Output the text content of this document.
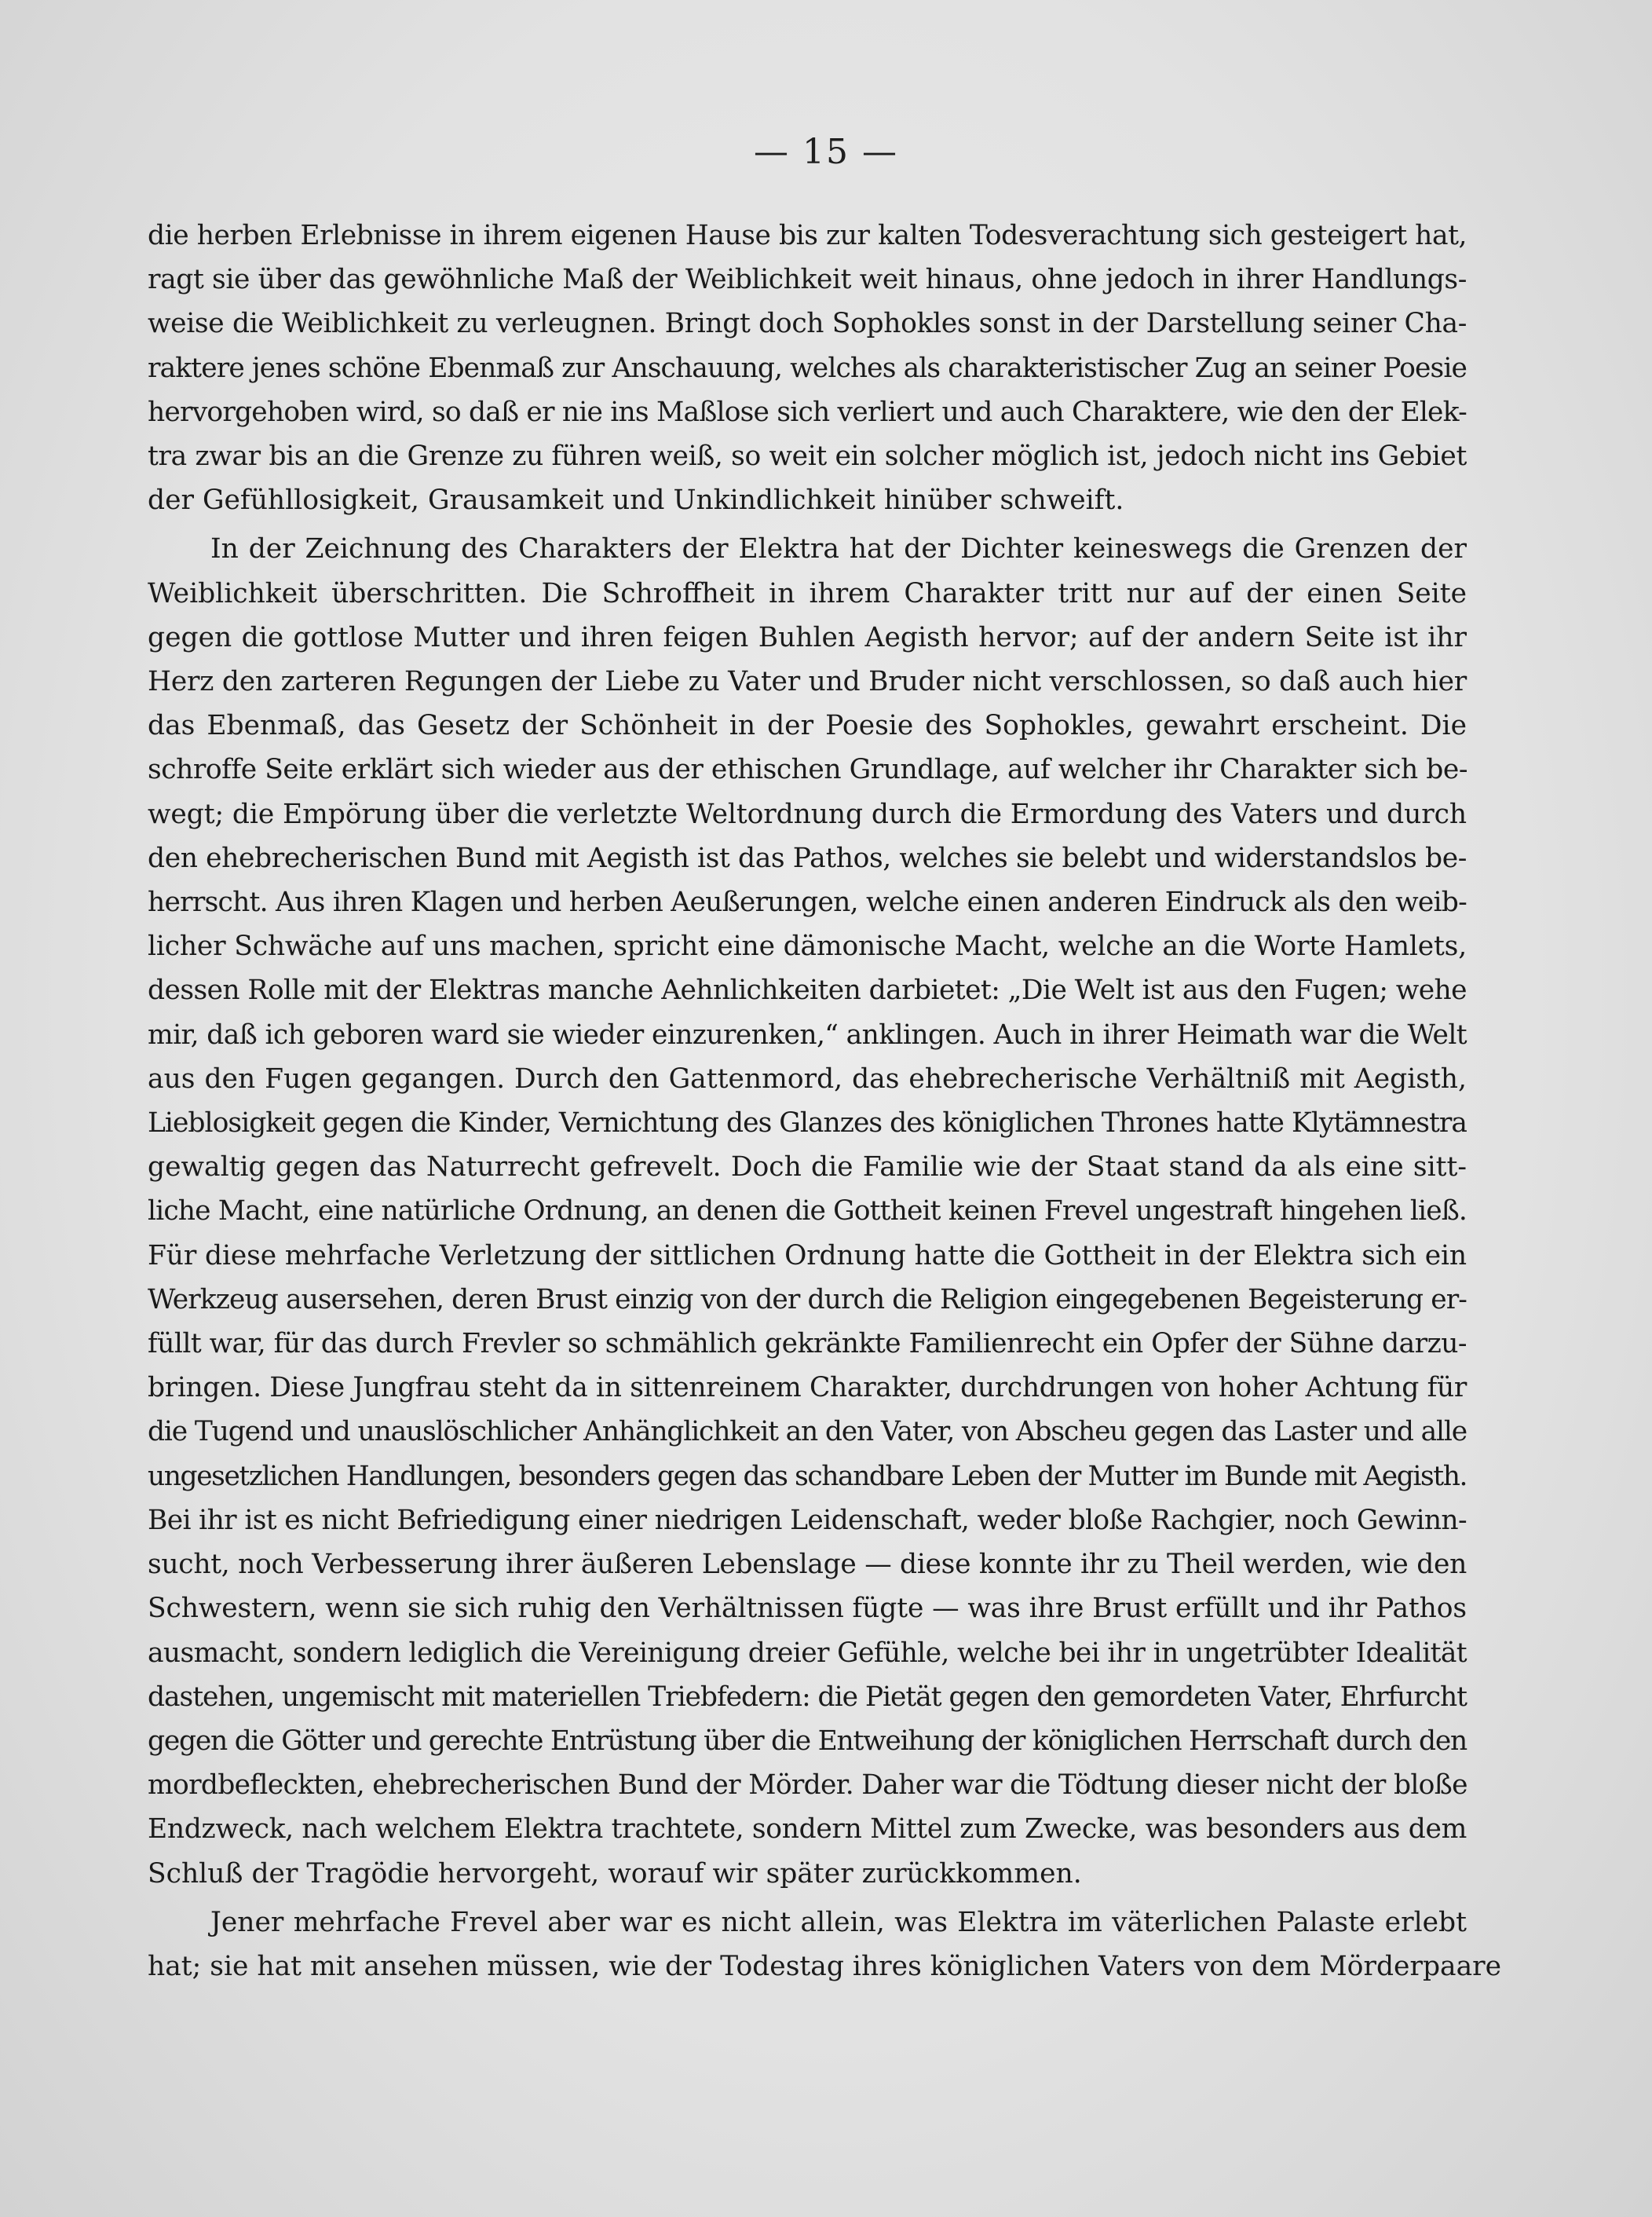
— 15 —
die herben Erlebnisse in ihrem eigenen Hause bis zur kalten Todesverachtung sich gesteigert hat,
ragt sie über das gewöhnliche Maß der Weiblichkeit weit hinaus, ohne jedoch in ihrer Handlungs-
weise die Weiblichkeit zu verleugnen. Bringt doch Sophokles sonst in der Darstellung seiner Cha-
raktere jenes schöne Ebenmaß zur Anschauung, welches als charakteristischer Zug an seiner Poesie
hervorgehoben wird, so daß er nie ins Maßlose sich verliert und auch Charaktere, wie den der Elek-
tra zwar bis an die Grenze zu führen weiß, so weit ein solcher möglich ist, jedoch nicht ins Gebiet
der Gefühllosigkeit, Grausamkeit und Unkindlichkeit hinüber schweift.
In der Zeichnung des Charakters der Elektra hat der Dichter keineswegs die Grenzen der
Weiblichkeit überschritten. Die Schroffheit in ihrem Charakter tritt nur auf der einen Seite
gegen die gottlose Mutter und ihren feigen Buhlen Aegisth hervor; auf der andern Seite ist ihr
Herz den zarteren Regungen der Liebe zu Vater und Bruder nicht verschlossen, so daß auch hier
das Ebenmaß, das Gesetz der Schönheit in der Poesie des Sophokles, gewahrt erscheint. Die
schroffe Seite erklärt sich wieder aus der ethischen Grundlage, auf welcher ihr Charakter sich be-
wegt; die Empörung über die verletzte Weltordnung durch die Ermordung des Vaters und durch
den ehebrecherischen Bund mit Aegisth ist das Pathos, welches sie belebt und widerstandslos be-
herrscht. Aus ihren Klagen und herben Aeußerungen, welche einen anderen Eindruck als den weib-
licher Schwäche auf uns machen, spricht eine dämonische Macht, welche an die Worte Hamlets,
dessen Rolle mit der Elektras manche Aehnlichkeiten darbietet: „Die Welt ist aus den Fugen; wehe
mir, daß ich geboren ward sie wieder einzurenken,“ anklingen. Auch in ihrer Heimath war die Welt
aus den Fugen gegangen. Durch den Gattenmord, das ehebrecherische Verhältniß mit Aegisth,
Lieblosigkeit gegen die Kinder, Vernichtung des Glanzes des königlichen Thrones hatte Klytämnestra
gewaltig gegen das Naturrecht gefrevelt. Doch die Familie wie der Staat stand da als eine sitt-
liche Macht, eine natürliche Ordnung, an denen die Gottheit keinen Frevel ungestraft hingehen ließ.
Für diese mehrfache Verletzung der sittlichen Ordnung hatte die Gottheit in der Elektra sich ein
Werkzeug ausersehen, deren Brust einzig von der durch die Religion eingegebenen Begeisterung er-
füllt war, für das durch Frevler so schmählich gekränkte Familienrecht ein Opfer der Sühne darzu-
bringen. Diese Jungfrau steht da in sittenreinem Charakter, durchdrungen von hoher Achtung für
die Tugend und unauslöschlicher Anhänglichkeit an den Vater, von Abscheu gegen das Laster und alle
ungesetzlichen Handlungen, besonders gegen das schandbare Leben der Mutter im Bunde mit Aegisth.
Bei ihr ist es nicht Befriedigung einer niedrigen Leidenschaft, weder bloße Rachgier, noch Gewinn-
sucht, noch Verbesserung ihrer äußeren Lebenslage — diese konnte ihr zu Theil werden, wie den
Schwestern, wenn sie sich ruhig den Verhältnissen fügte — was ihre Brust erfüllt und ihr Pathos
ausmacht, sondern lediglich die Vereinigung dreier Gefühle, welche bei ihr in ungetrübter Idealität
dastehen, ungemischt mit materiellen Triebfedern: die Pietät gegen den gemordeten Vater, Ehrfurcht
gegen die Götter und gerechte Entrüstung über die Entweihung der königlichen Herrschaft durch den
mordbefleckten, ehebrecherischen Bund der Mörder. Daher war die Tödtung dieser nicht der bloße
Endzweck, nach welchem Elektra trachtete, sondern Mittel zum Zwecke, was besonders aus dem
Schluß der Tragödie hervorgeht, worauf wir später zurückkommen.
Jener mehrfache Frevel aber war es nicht allein, was Elektra im väterlichen Palaste erlebt
hat; sie hat mit ansehen müssen, wie der Todestag ihres königlichen Vaters von dem Mörderpaare
